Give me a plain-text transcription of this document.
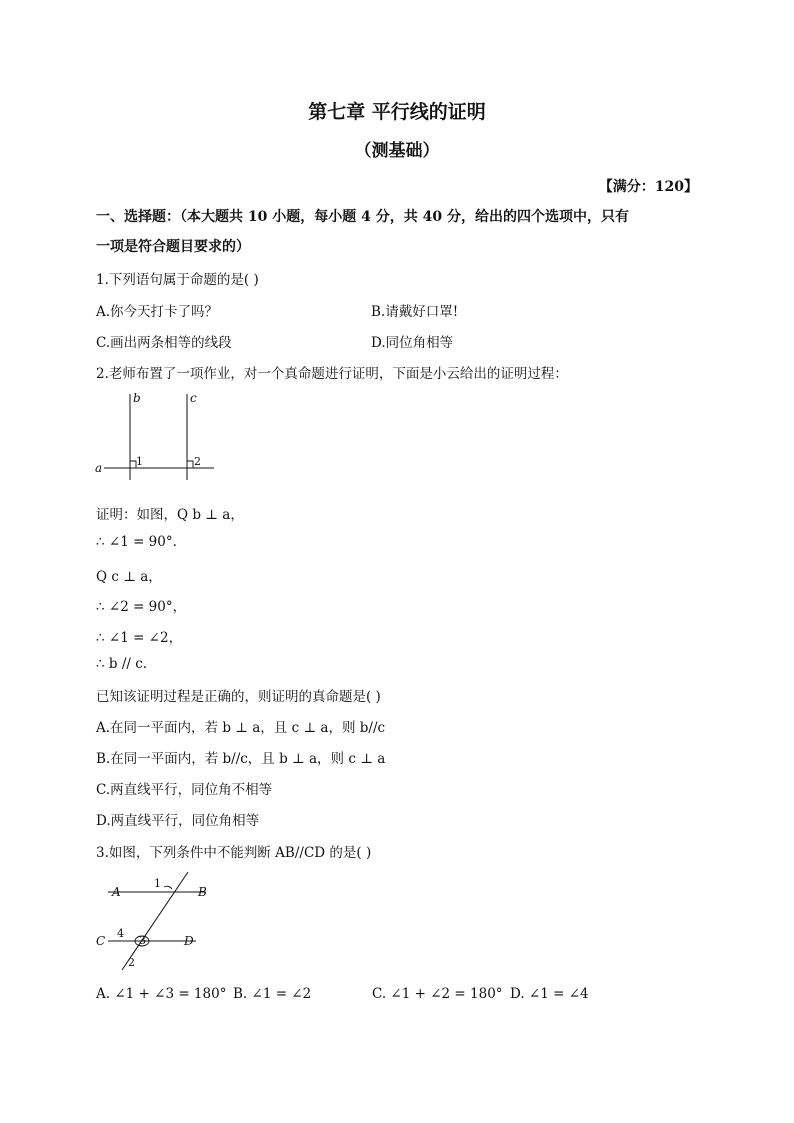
第七章 平行线的证明
（测基础）
【满分：120】
一、选择题：（本大题共 10 小题，每小题 4 分，共 40 分，给出的四个选项中，只有
一项是符合题目要求的）
1.下列语句属于命题的是( )
A.你今天打卡了吗？	B.请戴好口罩!
C.画出两条相等的线段	D.同位角相等
2.老师布置了一项作业，对一个真命题进行证明，下面是小云给出的证明过程：
b	c
a	1	2
证明：如图，Q b ⊥ a，
∴ ∠1 = 90°.
Q c ⊥ a，
∴ ∠2 = 90°，
∴ ∠1 = ∠2，
∴ b // c.
已知该证明过程是正确的，则证明的真命题是( )
A.在同一平面内，若 b ⊥ a，且 c ⊥ a，则 b//c
B.在同一平面内，若 b//c，且 b ⊥ a，则 c ⊥ a
C.两直线平行，同位角不相等
D.两直线平行，同位角相等
3.如图，下列条件中不能判断 AB//CD 的是( )
A	B
C	D
1
4
3
2
A. ∠1 + ∠3 = 180° B. ∠1 = ∠2	C. ∠1 + ∠2 = 180° D. ∠1 = ∠4
